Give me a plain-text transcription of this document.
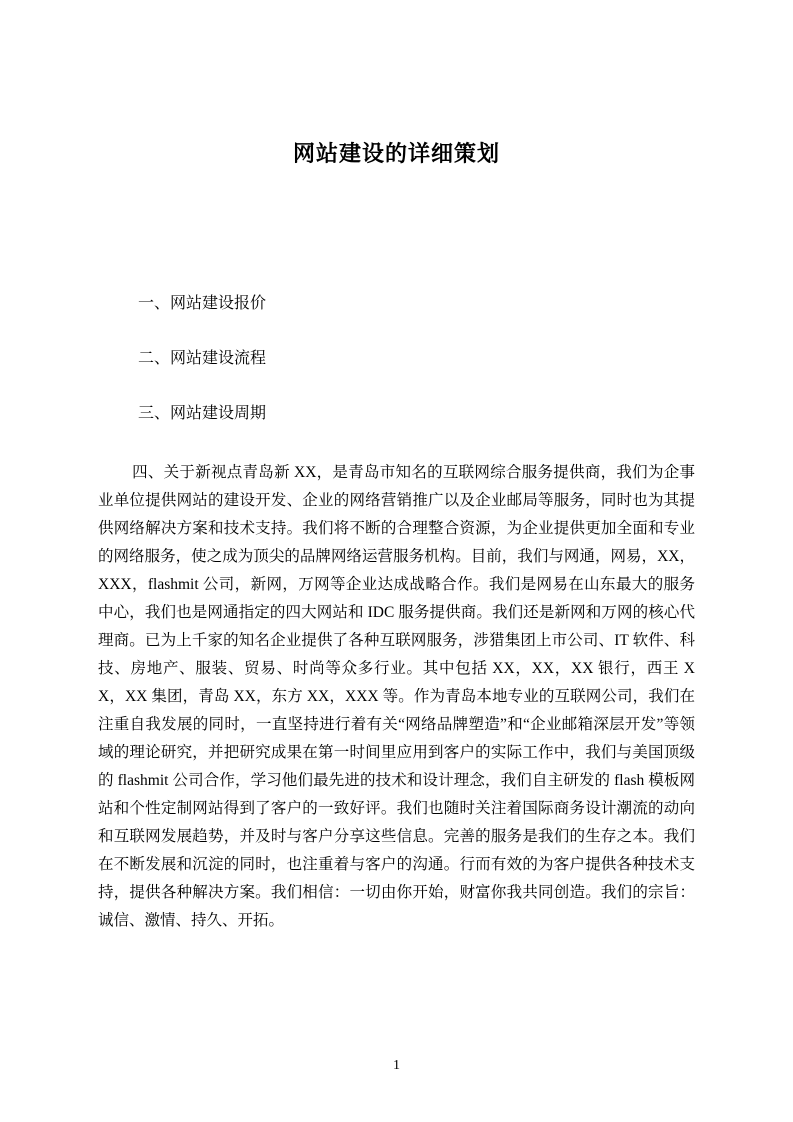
网站建设的详细策划

一、网站建设报价

二、网站建设流程

三、网站建设周期

四、关于新视点青岛新 XX，是青岛市知名的互联网综合服务提供商，我们为企事业单位提供网站的建设开发、企业的网络营销推广以及企业邮局等服务，同时也为其提供网络解决方案和技术支持。我们将不断的合理整合资源，为企业提供更加全面和专业的网络服务，使之成为顶尖的品牌网络运营服务机构。目前，我们与网通，网易，XX，XXX，flashmit 公司，新网，万网等企业达成战略合作。我们是网易在山东最大的服务中心，我们也是网通指定的四大网站和 IDC 服务提供商。我们还是新网和万网的核心代理商。已为上千家的知名企业提供了各种互联网服务，涉猎集团上市公司、IT 软件、科技、房地产、服装、贸易、时尚等众多行业。其中包括 XX，XX，XX 银行，西王 XX，XX 集团，青岛 XX，东方 XX，XXX 等。作为青岛本地专业的互联网公司，我们在注重自我发展的同时，一直坚持进行着有关“网络品牌塑造”和“企业邮箱深层开发”等领域的理论研究，并把研究成果在第一时间里应用到客户的实际工作中，我们与美国顶级的 flashmit 公司合作，学习他们最先进的技术和设计理念，我们自主研发的 flash 模板网站和个性定制网站得到了客户的一致好评。我们也随时关注着国际商务设计潮流的动向和互联网发展趋势，并及时与客户分享这些信息。完善的服务是我们的生存之本。我们在不断发展和沉淀的同时，也注重着与客户的沟通。行而有效的为客户提供各种技术支持，提供各种解决方案。我们相信：一切由你开始，财富你我共同创造。我们的宗旨：诚信、激情、持久、开拓。

1
